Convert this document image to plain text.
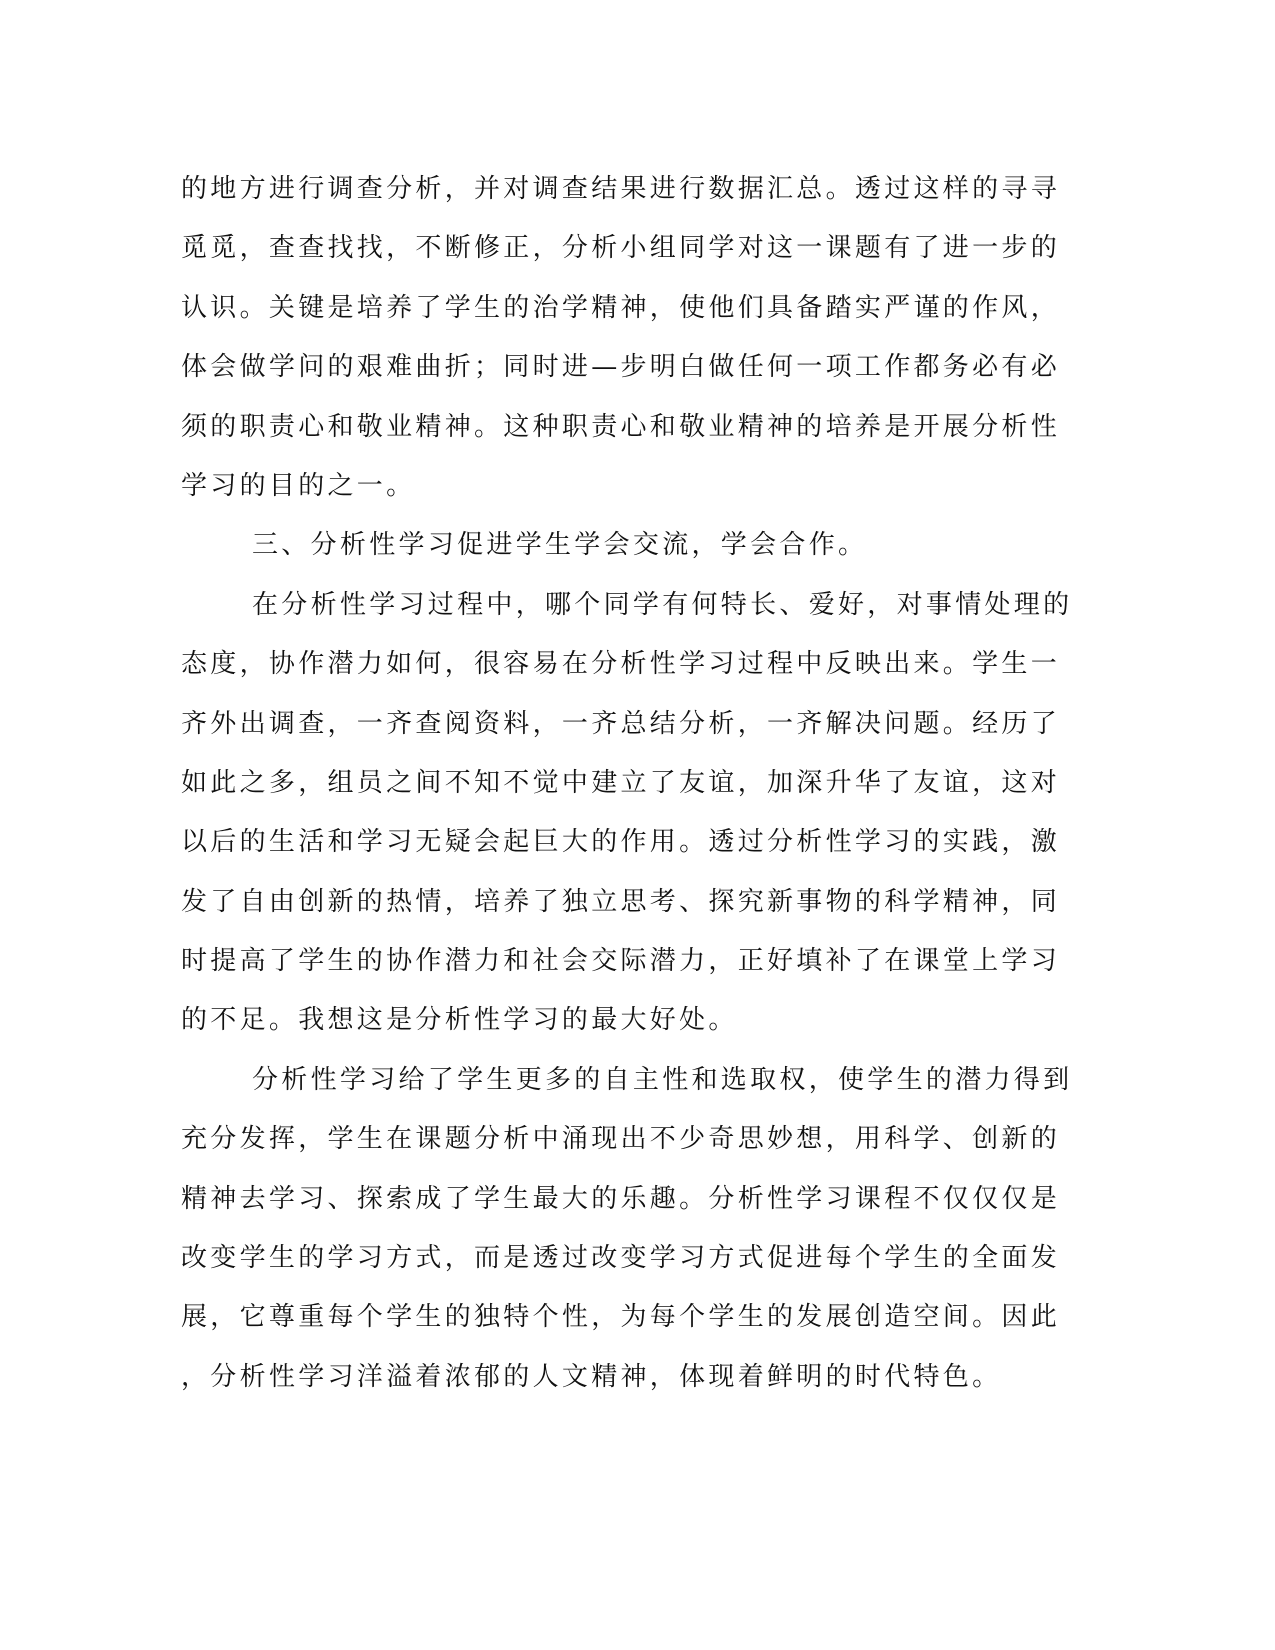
的地方进行调查分析，并对调查结果进行数据汇总。透过这样的寻寻
觅觅，查查找找，不断修正，分析小组同学对这一课题有了进一步的
认识。关键是培养了学生的治学精神，使他们具备踏实严谨的作风，
体会做学问的艰难曲折；同时进—步明白做任何一项工作都务必有必
须的职责心和敬业精神。这种职责心和敬业精神的培养是开展分析性
学习的目的之一。
三、分析性学习促进学生学会交流，学会合作。
在分析性学习过程中，哪个同学有何特长、爱好，对事情处理的
态度，协作潜力如何，很容易在分析性学习过程中反映出来。学生一
齐外出调查，一齐查阅资料，一齐总结分析，一齐解决问题。经历了
如此之多，组员之间不知不觉中建立了友谊，加深升华了友谊，这对
以后的生活和学习无疑会起巨大的作用。透过分析性学习的实践，激
发了自由创新的热情，培养了独立思考、探究新事物的科学精神，同
时提高了学生的协作潜力和社会交际潜力，正好填补了在课堂上学习
的不足。我想这是分析性学习的最大好处。
分析性学习给了学生更多的自主性和选取权，使学生的潜力得到
充分发挥，学生在课题分析中涌现出不少奇思妙想，用科学、创新的
精神去学习、探索成了学生最大的乐趣。分析性学习课程不仅仅仅是
改变学生的学习方式，而是透过改变学习方式促进每个学生的全面发
展，它尊重每个学生的独特个性，为每个学生的发展创造空间。因此
，分析性学习洋溢着浓郁的人文精神，体现着鲜明的时代特色。
